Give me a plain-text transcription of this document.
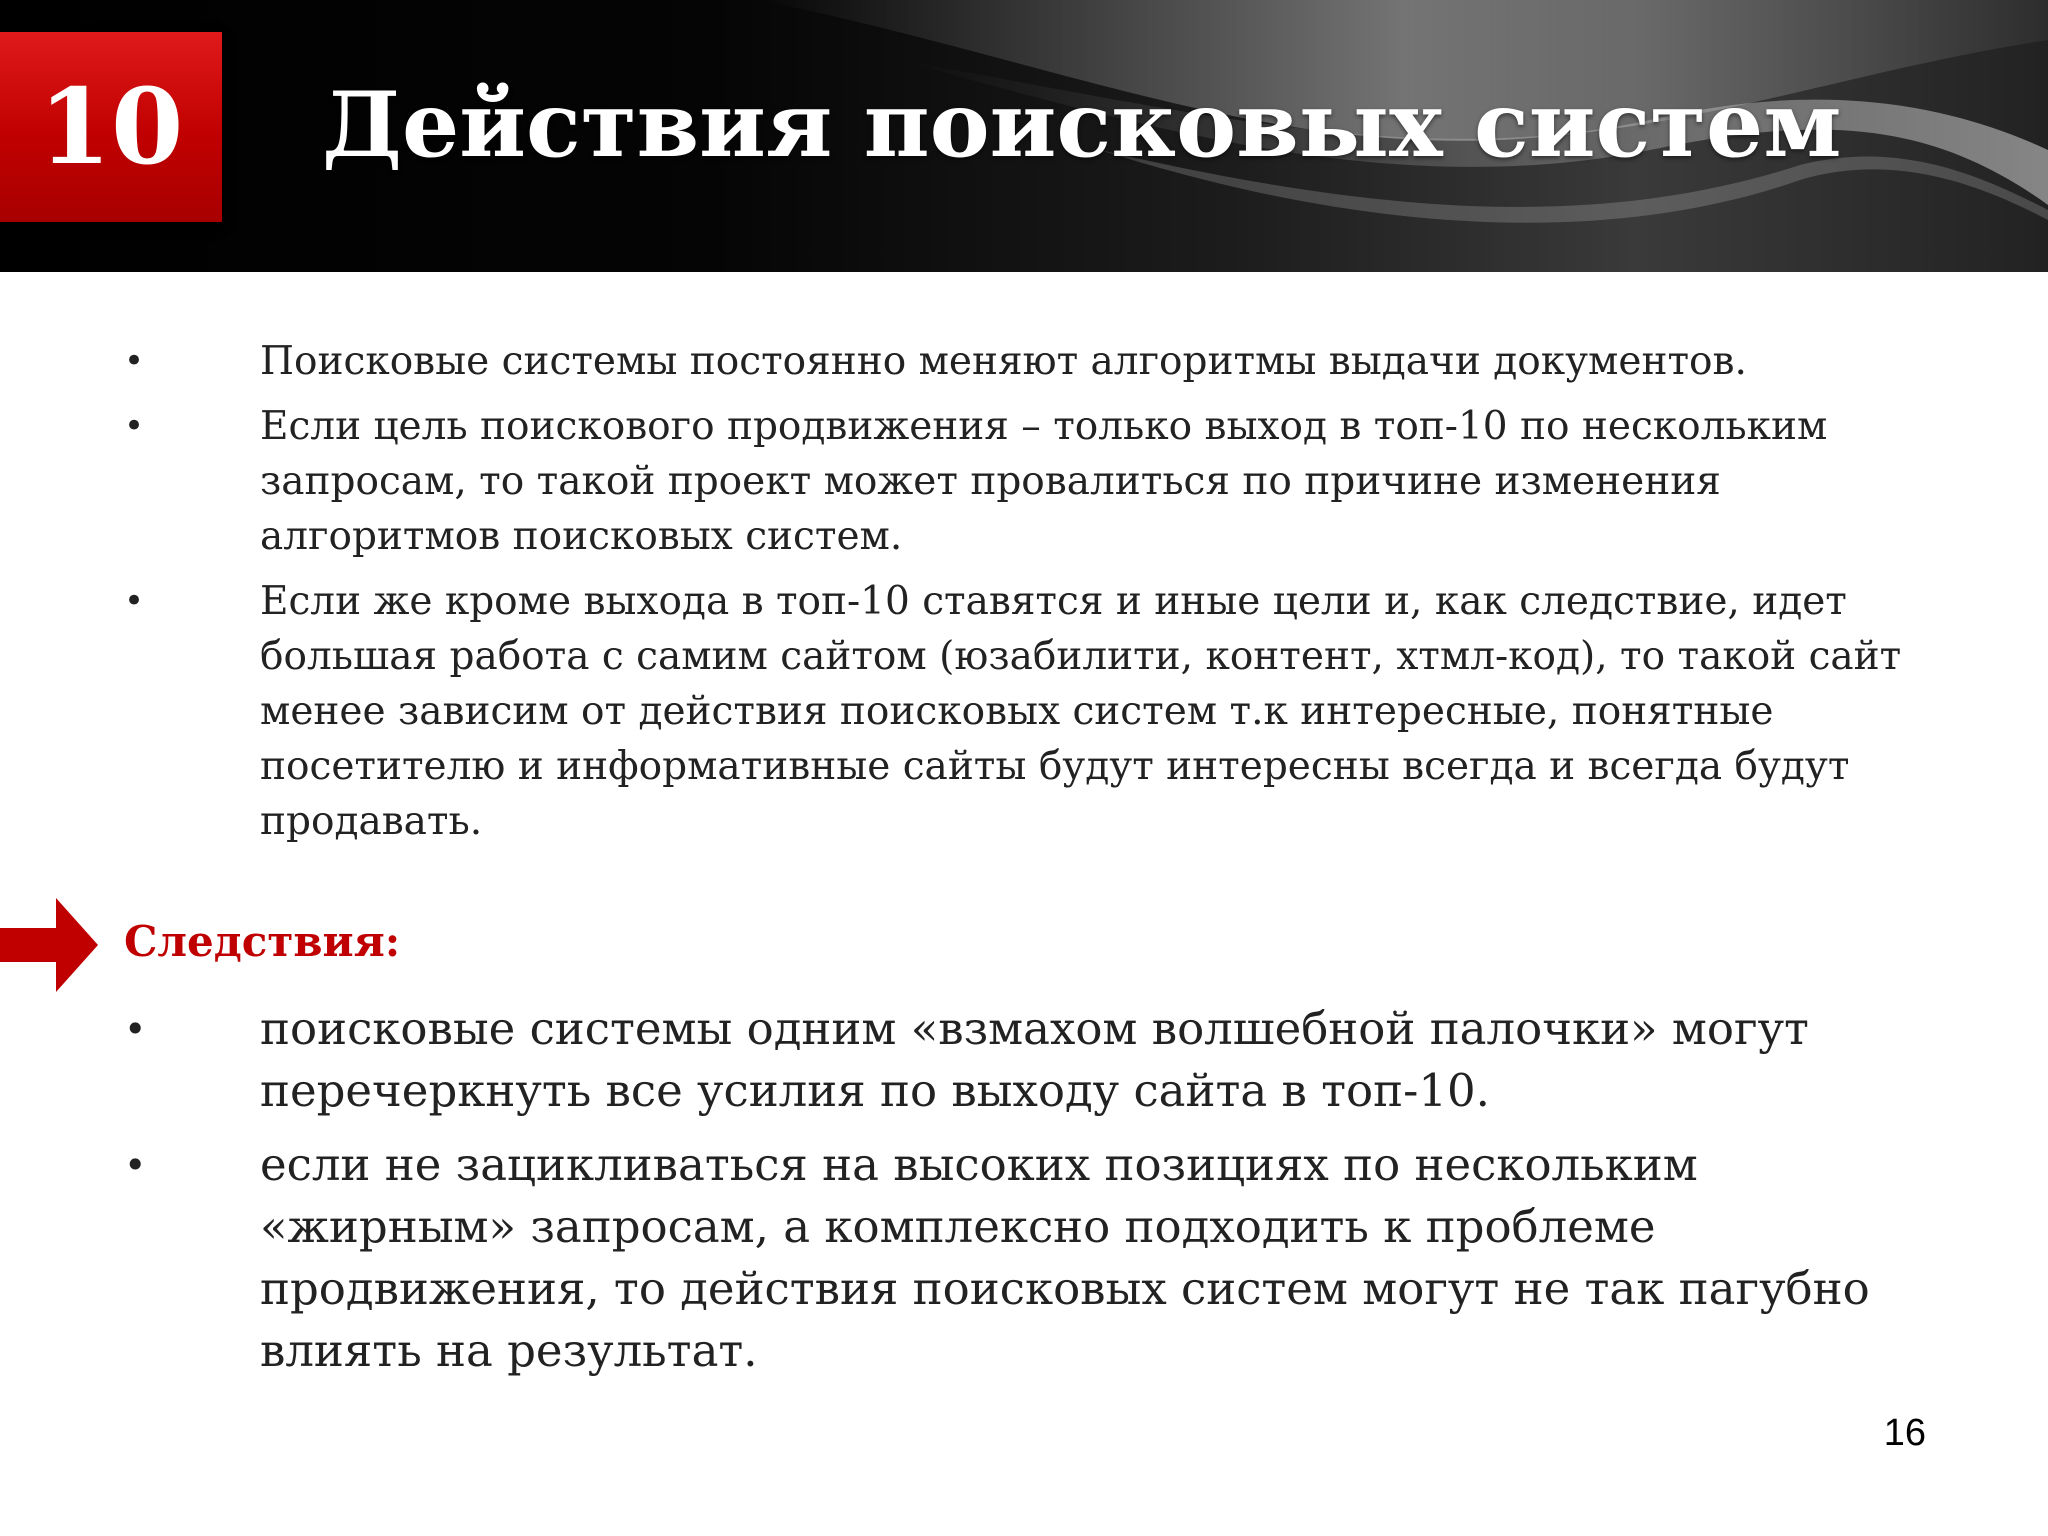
10 Действия поисковых систем
•	Поисковые системы постоянно меняют алгоритмы выдачи документов.
•	Если цель поискового продвижения – только выход в топ-10 по нескольким запросам, то такой проект может провалиться по причине изменения алгоритмов поисковых систем.
•	Если же кроме выхода в топ-10 ставятся и иные цели и, как следствие, идет большая работа с самим сайтом (юзабилити, контент, хтмл-код), то такой сайт менее зависим от действия поисковых систем т.к интересные, понятные посетителю и информативные сайты будут интересны всегда и всегда будут продавать.
Следствия:
•	поисковые системы одним «взмахом волшебной палочки» могут перечеркнуть все усилия по выходу сайта в топ-10.
•	если не зацикливаться на высоких позициях по нескольким «жирным» запросам, а комплексно подходить к проблеме продвижения, то действия поисковых систем могут не так пагубно влиять на результат.
16
